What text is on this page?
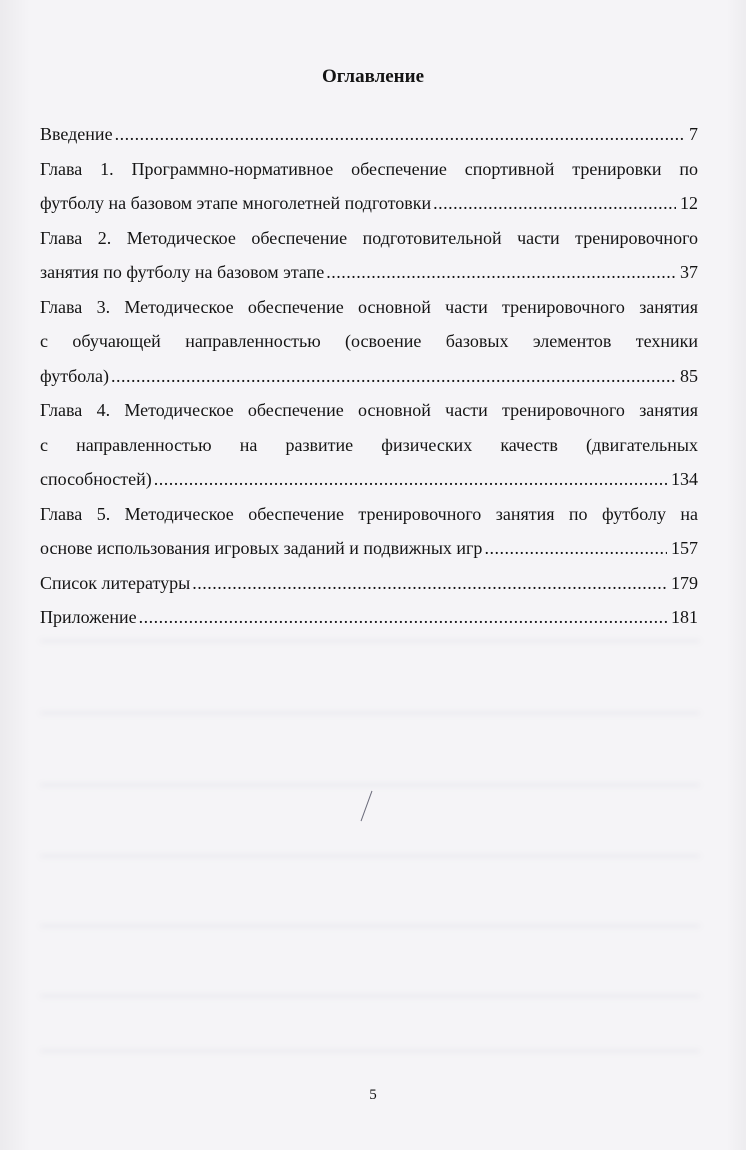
Оглавление
Введение .....	7
Глава 1. Программно-нормативное обеспечение спортивной тренировки по
футболу на базовом этапе многолетней подготовки .....	12
Глава 2. Методическое обеспечение подготовительной части тренировочного
занятия по футболу на базовом этапе .....	37
Глава 3. Методическое обеспечение основной части тренировочного занятия
с обучающей направленностью (освоение базовых элементов техники
футбола) .....	85
Глава 4. Методическое обеспечение основной части тренировочного занятия
с направленностью на развитие физических качеств (двигательных
способностей) .....	134
Глава 5. Методическое обеспечение тренировочного занятия по футболу на
основе использования игровых заданий и подвижных игр .....	157
Список литературы .....	179
Приложение .....	181
5
